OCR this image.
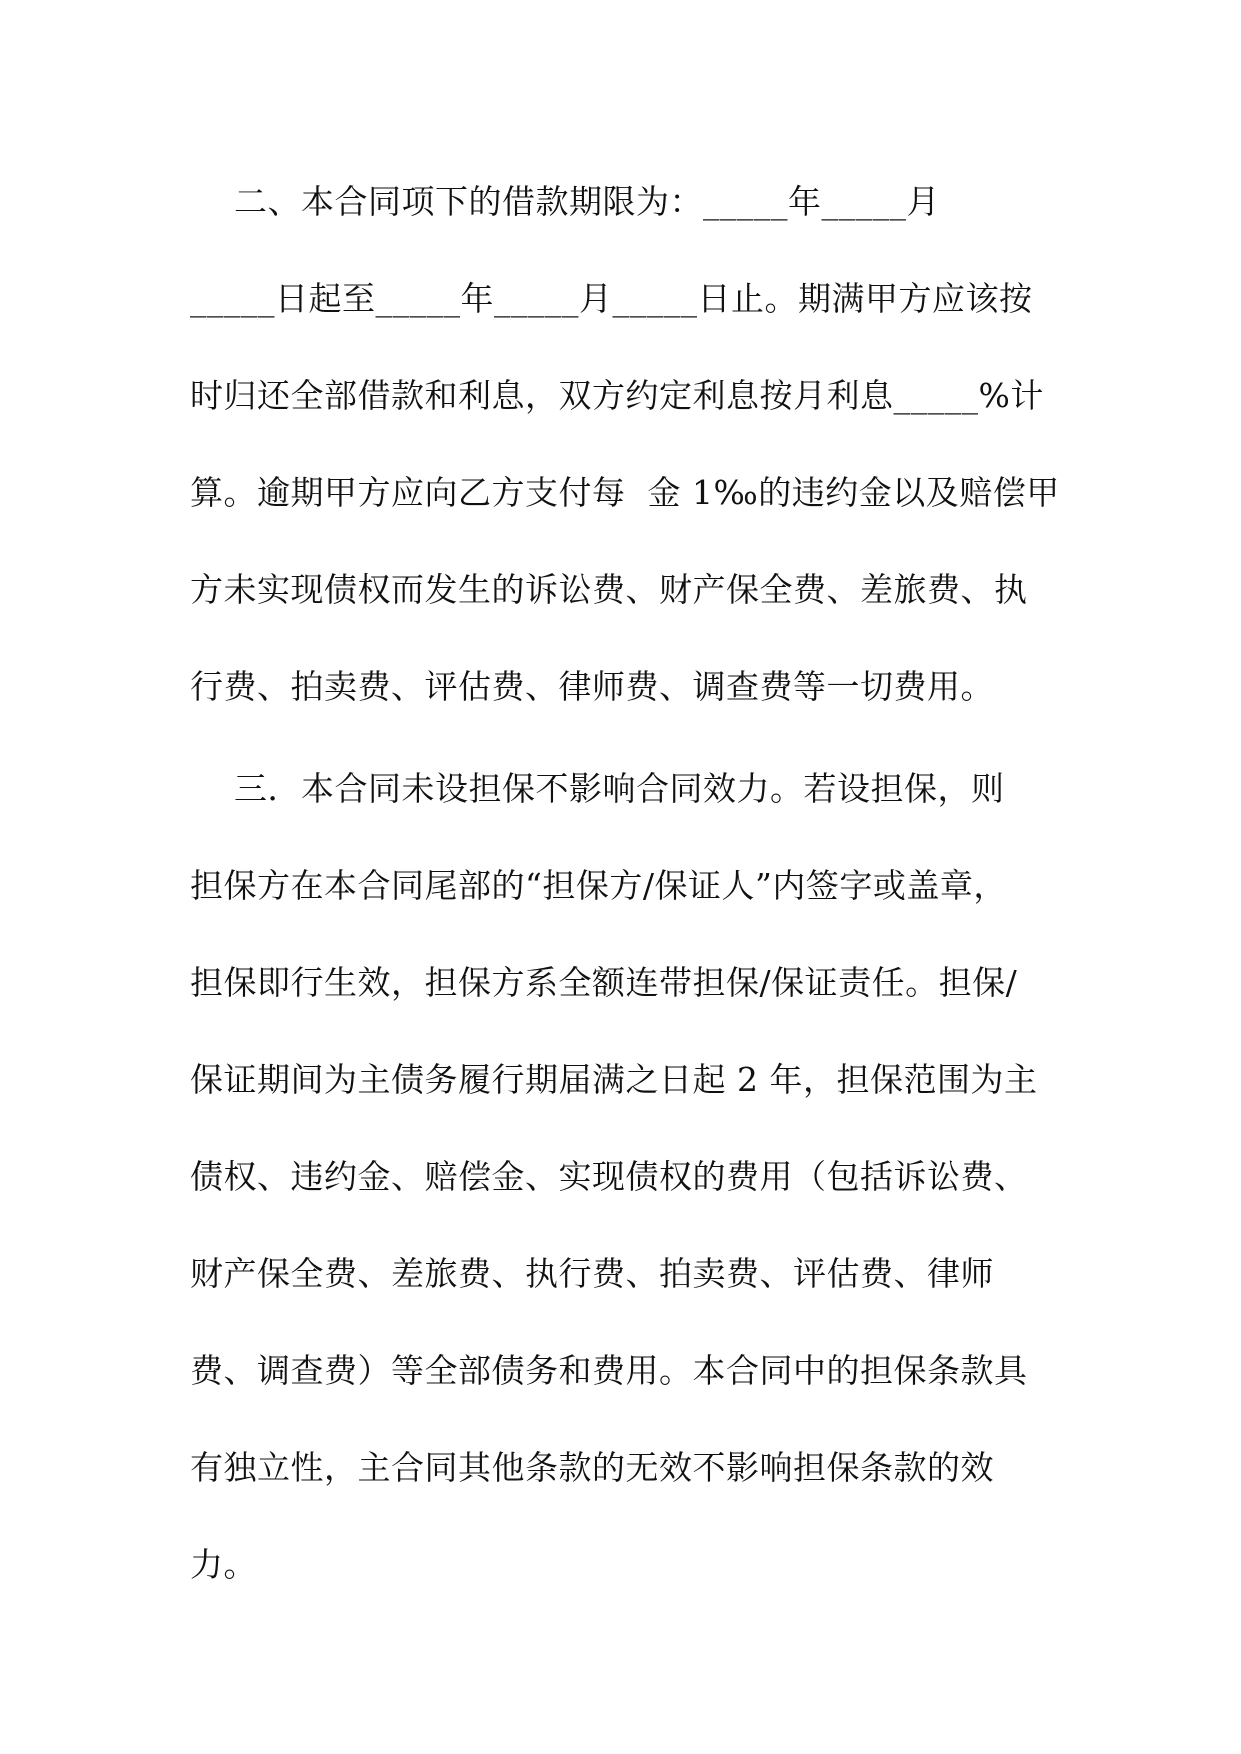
二、本合同项下的借款期限为：_____年_____月
_____日起至_____年_____月_____日止。期满甲方应该按
时归还全部借款和利息，双方约定利息按月利息_____%计
算。逾期甲方应向乙方支付每  金 1‰的违约金以及赔偿甲
方未实现债权而发生的诉讼费、财产保全费、差旅费、执
行费、拍卖费、评估费、律师费、调查费等一切费用。
三．本合同未设担保不影响合同效力。若设担保，则
担保方在本合同尾部的“担保方/保证人”内签字或盖章，
担保即行生效，担保方系全额连带担保/保证责任。担保/
保证期间为主债务履行期届满之日起 2 年，担保范围为主
债权、违约金、赔偿金、实现债权的费用（包括诉讼费、
财产保全费、差旅费、执行费、拍卖费、评估费、律师
费、调查费）等全部债务和费用。本合同中的担保条款具
有独立性，主合同其他条款的无效不影响担保条款的效
力。
